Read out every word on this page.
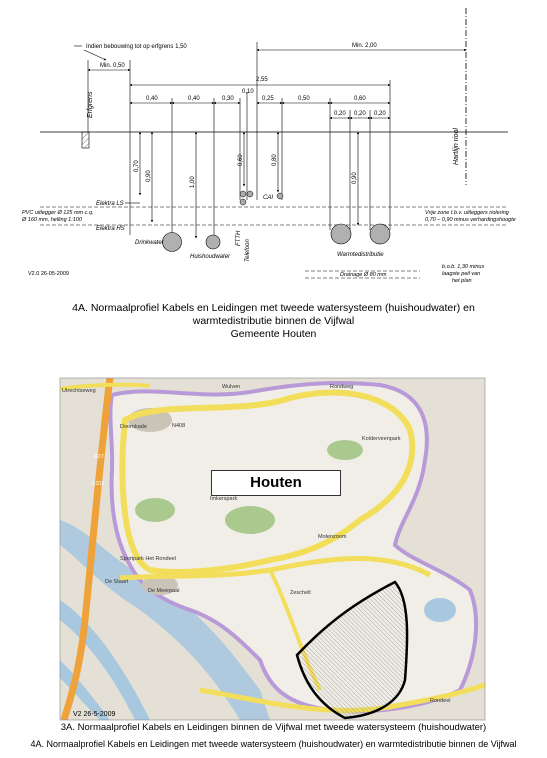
Indien bebouwing tot op erfgrens 1,50
Min. 0,50
Min. 2,00
2,55
0,40	0,40	0,30
0,10
0,25	0,50	0,60
0,20 0,20 0,20
0,70
0,90
1,00
0,60	0,80
0,90
Erfgrens
Hartlijn riool
Elektra LS
PVC uitlegger Ø 125 mm c.q.
Ø 160 mm, helling 1:100
Elektra HS
Drinkwater
Huishoudwater
FTTH
Telefoon
CAI
Warmtedistributie
Vrije zone t.b.v. uitleggers riolering
0,70 – 0,90 minus verhardingshoogte
Drainage Ø 80 mm
b.o.b. 1,30 minus
laagste peil van
het plan
V2.0 26-05-2009
Wulven
Doornkade
Utrechtseweg
Rondweg
A27
E311
De Staart
De Meerpaal
Sportpark Het Rondeel
Imkerspark
Molenzoom
Zeschelt
Rondeel
N408
Kolderveenpark
4A. Normaalprofiel Kabels en Leidingen met tweede watersysteem (huishoudwater) en
warmtedistributie binnen de Vijfwal
Gemeente Houten
Houten
V2 26-5-2009
3A. Normaalprofiel Kabels en Leidingen binnen de Vijfwal met tweede watersysteem (huishoudwater)
4A. Normaalprofiel Kabels en Leidingen met tweede watersysteem (huishoudwater) en warmtedistributie binnen de Vijfwal
